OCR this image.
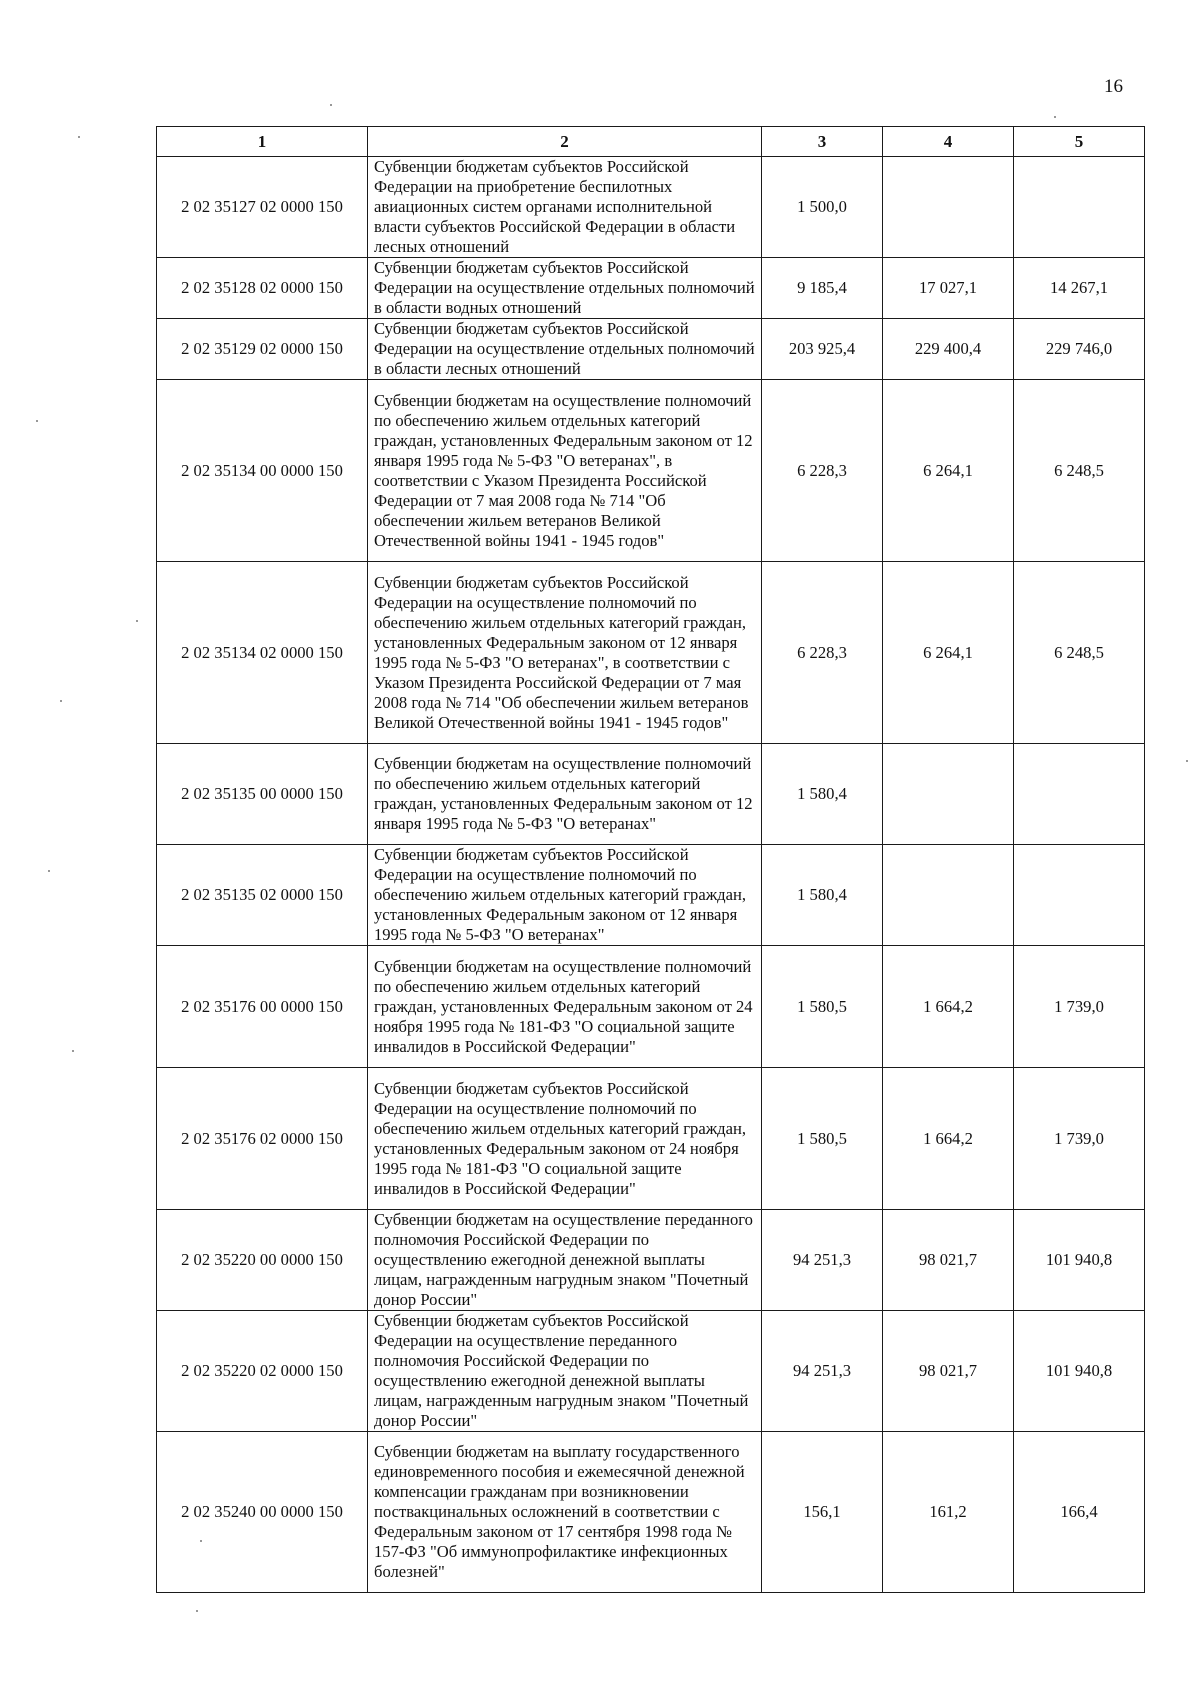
16
1	2	3	4	5
2 02 35127 02 0000 150	Субвенции бюджетам субъектов Российской Федерации на приобретение беспилотных авиационных систем органами исполнительной власти субъектов Российской Федерации в области лесных отношений	1 500,0		
2 02 35128 02 0000 150	Субвенции бюджетам субъектов Российской Федерации на осуществление отдельных полномочий в области водных отношений	9 185,4	17 027,1	14 267,1
2 02 35129 02 0000 150	Субвенции бюджетам субъектов Российской Федерации на осуществление отдельных полномочий в области лесных отношений	203 925,4	229 400,4	229 746,0
2 02 35134 00 0000 150	Субвенции бюджетам на осуществление полномочий по обеспечению жильем отдельных категорий граждан, установленных Федеральным законом от 12 января 1995 года № 5-ФЗ "О ветеранах", в соответствии с Указом Президента Российской Федерации от 7 мая 2008 года № 714 "Об обеспечении жильем ветеранов Великой Отечественной войны 1941 - 1945 годов"	6 228,3	6 264,1	6 248,5
2 02 35134 02 0000 150	Субвенции бюджетам субъектов Российской Федерации на осуществление полномочий по обеспечению жильем отдельных категорий граждан, установленных Федеральным законом от 12 января 1995 года № 5-ФЗ "О ветеранах", в соответствии с Указом Президента Российской Федерации от 7 мая 2008 года № 714 "Об обеспечении жильем ветеранов Великой Отечественной войны 1941 - 1945 годов"	6 228,3	6 264,1	6 248,5
2 02 35135 00 0000 150	Субвенции бюджетам на осуществление полномочий по обеспечению жильем отдельных категорий граждан, установленных Федеральным законом от 12 января 1995 года № 5-ФЗ "О ветеранах"	1 580,4		
2 02 35135 02 0000 150	Субвенции бюджетам субъектов Российской Федерации на осуществление полномочий по обеспечению жильем отдельных категорий граждан, установленных Федеральным законом от 12 января 1995 года № 5-ФЗ "О ветеранах"	1 580,4		
2 02 35176 00 0000 150	Субвенции бюджетам на осуществление полномочий по обеспечению жильем отдельных категорий граждан, установленных Федеральным законом от 24 ноября 1995 года № 181-ФЗ "О социальной защите инвалидов в Российской Федерации"	1 580,5	1 664,2	1 739,0
2 02 35176 02 0000 150	Субвенции бюджетам субъектов Российской Федерации на осуществление полномочий по обеспечению жильем отдельных категорий граждан, установленных Федеральным законом от 24 ноября 1995 года № 181-ФЗ "О социальной защите инвалидов в Российской Федерации"	1 580,5	1 664,2	1 739,0
2 02 35220 00 0000 150	Субвенции бюджетам на осуществление переданного полномочия Российской Федерации по осуществлению ежегодной денежной выплаты лицам, награжденным нагрудным знаком "Почетный донор России"	94 251,3	98 021,7	101 940,8
2 02 35220 02 0000 150	Субвенции бюджетам субъектов Российской Федерации на осуществление переданного полномочия Российской Федерации по осуществлению ежегодной денежной выплаты лицам, награжденным нагрудным знаком "Почетный донор России"	94 251,3	98 021,7	101 940,8
2 02 35240 00 0000 150	Субвенции бюджетам на выплату государственного единовременного пособия и ежемесячной денежной компенсации гражданам при возникновении поствакцинальных осложнений в соответствии с Федеральным законом от 17 сентября 1998 года № 157-ФЗ "Об иммунопрофилактике инфекционных болезней"	156,1	161,2	166,4
